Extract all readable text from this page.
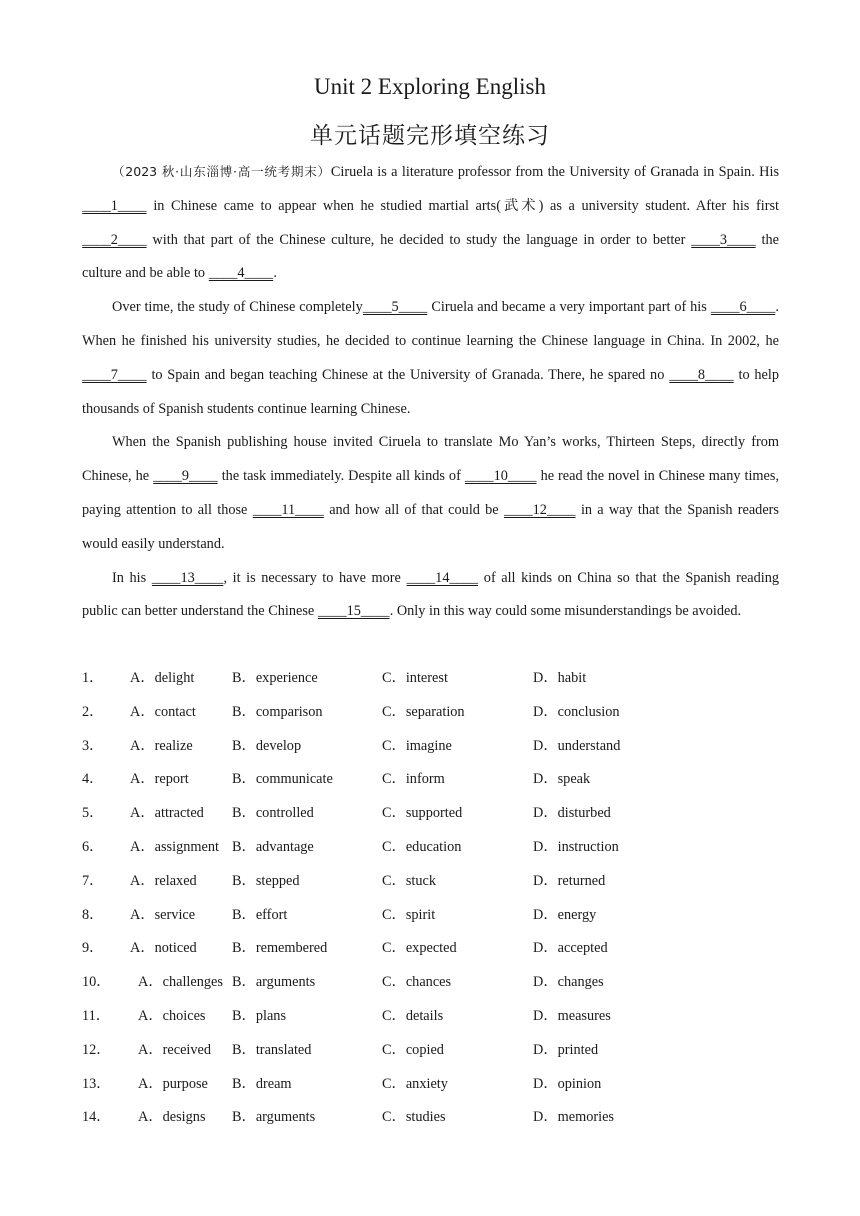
Unit 2 Exploring English
单元话题完形填空练习

（2023 秋·山东淄博·高一统考期末）Ciruela is a literature professor from the University of Granada in Spain. His ____1____ in Chinese came to appear when he studied martial arts(武术) as a university student. After his first ____2____ with that part of the Chinese culture, he decided to study the language in order to better ____3____ the culture and be able to ____4____.

Over time, the study of Chinese completely____5____ Ciruela and became a very important part of his ____6____. When he finished his university studies, he decided to continue learning the Chinese language in China. In 2002, he ____7____ to Spain and began teaching Chinese at the University of Granada. There, he spared no ____8____ to help thousands of Spanish students continue learning Chinese.

When the Spanish publishing house invited Ciruela to translate Mo Yan’s works, Thirteen Steps, directly from Chinese, he ____9____ the task immediately. Despite all kinds of ____10____ he read the novel in Chinese many times, paying attention to all those ____11____ and how all of that could be ____12____ in a way that the Spanish readers would easily understand.

In his ____13____, it is necessary to have more ____14____ of all kinds on China so that the Spanish reading public can better understand the Chinese ____15____. Only in this way could some misunderstandings be avoided.

1． A．delight	B．experience	C．interest	D．habit
2． A．contact	B．comparison	C．separation	D．conclusion
3． A．realize	B．develop	C．imagine	D．understand
4． A．report	B．communicate	C．inform	D．speak
5． A．attracted B．controlled	C．supported	D．disturbed
6． A．assignment B．advantage	C．education	D．instruction
7． A．relaxed B．stepped	C．stuck	D．returned
8． A．service	B．effort	C．spirit	D．energy
9． A．noticed B．remembered	C．expected	D．accepted
10． A．challenges B．arguments	C．chances	D．changes
11． A．choices B．plans	C．details	D．measures
12． A．received B．translated	C．copied	D．printed
13． A．purpose B．dream	C．anxiety	D．opinion
14． A．designs B．arguments	C．studies	D．memories
